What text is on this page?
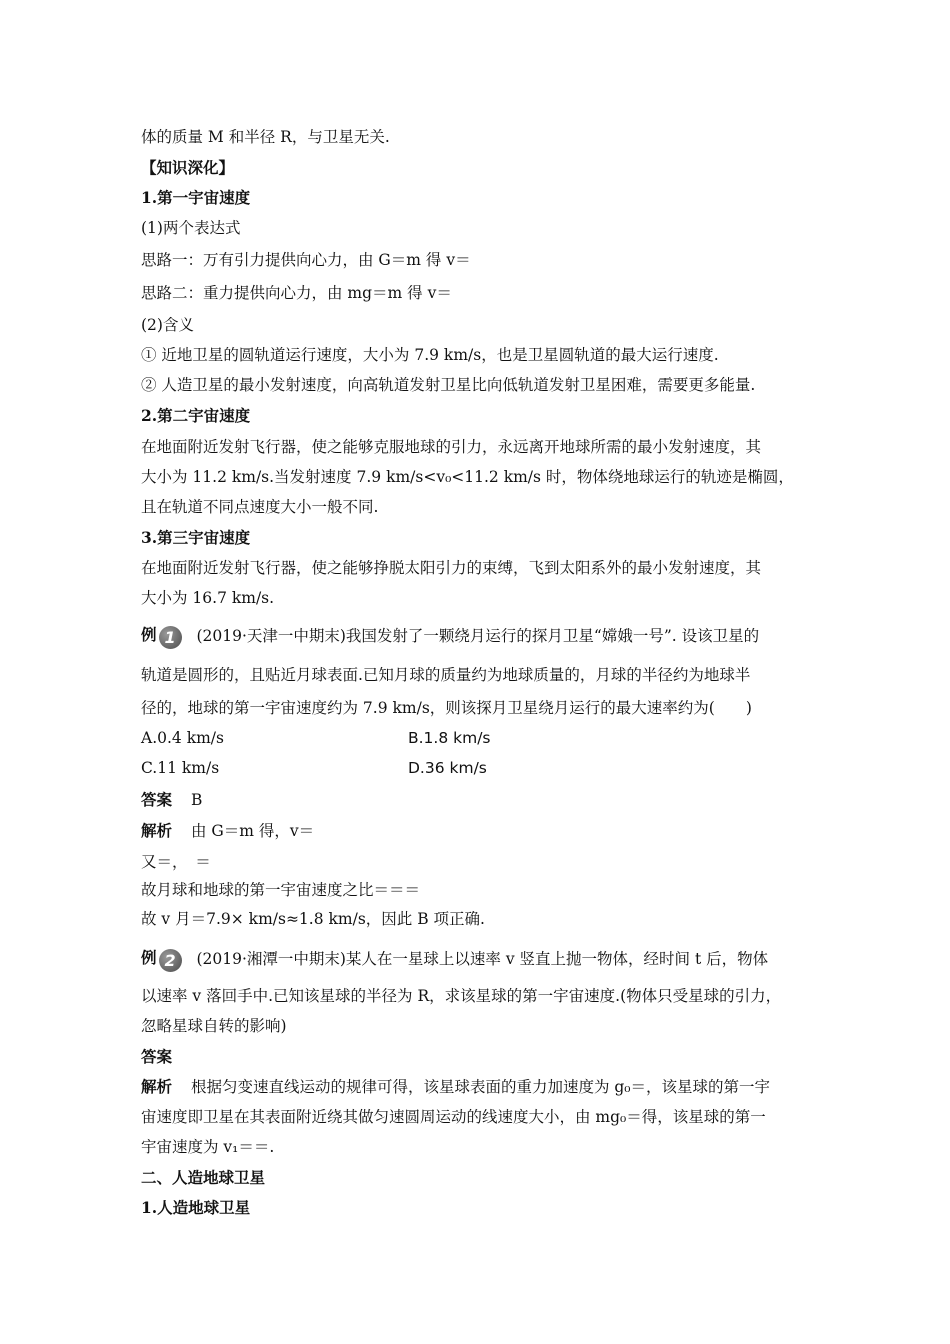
体的质量 M 和半径 R，与卫星无关.
【知识深化】
1.第一宇宙速度
(1)两个表达式
思路一：万有引力提供向心力，由 G＝m 得 v＝
思路二：重力提供向心力，由 mg＝m 得 v＝
(2)含义
① 近地卫星的圆轨道运行速度，大小为 7.9 km/s，也是卫星圆轨道的最大运行速度.
② 人造卫星的最小发射速度，向高轨道发射卫星比向低轨道发射卫星困难，需要更多能量.
2.第二宇宙速度
在地面附近发射飞行器，使之能够克服地球的引力，永远离开地球所需的最小发射速度，其
大小为 11.2 km/s.当发射速度 7.9 km/s<v₀<11.2 km/s 时，物体绕地球运行的轨迹是椭圆，
且在轨道不同点速度大小一般不同.
3.第三宇宙速度
在地面附近发射飞行器，使之能够挣脱太阳引力的束缚，飞到太阳系外的最小发射速度，其
大小为 16.7 km/s.
例 1 (2019·天津一中期末)我国发射了一颗绕月运行的探月卫星“嫦娥一号”. 设该卫星的
轨道是圆形的，且贴近月球表面.已知月球的质量约为地球质量的，月球的半径约为地球半
径的，地球的第一宇宙速度约为 7.9 km/s，则该探月卫星绕月运行的最大速率约为(　　)
A.0.4 km/s	B.1.8 km/s
C.11 km/s	D.36 km/s
答案 B
解析 由 G＝m 得，v＝
又＝，　＝
故月球和地球的第一宇宙速度之比＝＝＝
故 v 月＝7.9× km/s≈1.8 km/s，因此 B 项正确.
例 2 (2019·湘潭一中期末)某人在一星球上以速率 v 竖直上抛一物体，经时间 t 后，物体
以速率 v 落回手中.已知该星球的半径为 R，求该星球的第一宇宙速度.(物体只受星球的引力，
忽略星球自转的影响)
答案
解析 根据匀变速直线运动的规律可得，该星球表面的重力加速度为 g₀＝，该星球的第一宇
宙速度即卫星在其表面附近绕其做匀速圆周运动的线速度大小，由 mg₀＝得，该星球的第一
宇宙速度为 v₁＝＝.
二、人造地球卫星
1.人造地球卫星
